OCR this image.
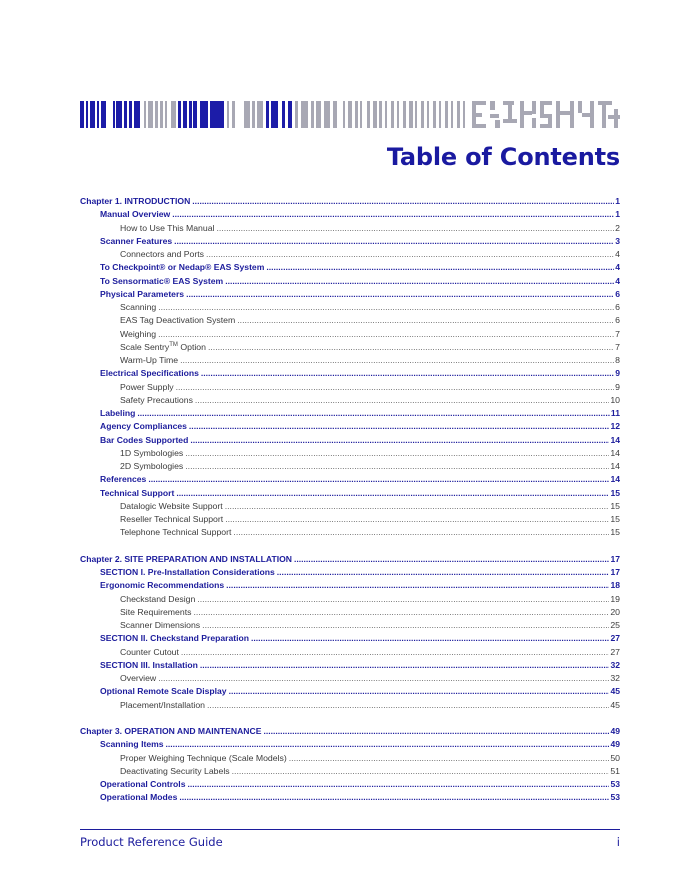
Table of Contents
Chapter 1. INTRODUCTION .....	1
Manual Overview .....	1
How to Use This Manual .....	2
Scanner Features .....	3
Connectors and Ports .....	4
To Checkpoint® or Nedap® EAS System .....	4
To Sensormatic® EAS System .....	4
Physical Parameters .....	6
Scanning .....	6
EAS Tag Deactivation System .....	6
Weighing .....	7
Scale Sentry™ Option .....	7
Warm-Up Time .....	8
Electrical Specifications .....	9
Power Supply .....	9
Safety Precautions .....	10
Labeling .....	11
Agency Compliances .....	12
Bar Codes Supported .....	14
1D Symbologies .....	14
2D Symbologies .....	14
References .....	14
Technical Support .....	15
Datalogic Website Support .....	15
Reseller Technical Support .....	15
Telephone Technical Support .....	15
Chapter 2. SITE PREPARATION AND INSTALLATION .....	17
SECTION I. Pre-Installation Considerations .....	17
Ergonomic Recommendations .....	18
Checkstand Design .....	19
Site Requirements .....	20
Scanner Dimensions .....	25
SECTION II. Checkstand Preparation .....	27
Counter Cutout .....	27
SECTION III. Installation .....	32
Overview .....	32
Optional Remote Scale Display .....	45
Placement/Installation .....	45
Chapter 3. OPERATION AND MAINTENANCE .....	49
Scanning Items .....	49
Proper Weighing Technique (Scale Models) .....	50
Deactivating Security Labels .....	51
Operational Controls .....	53
Operational Modes .....	53
Product Reference Guide	i
